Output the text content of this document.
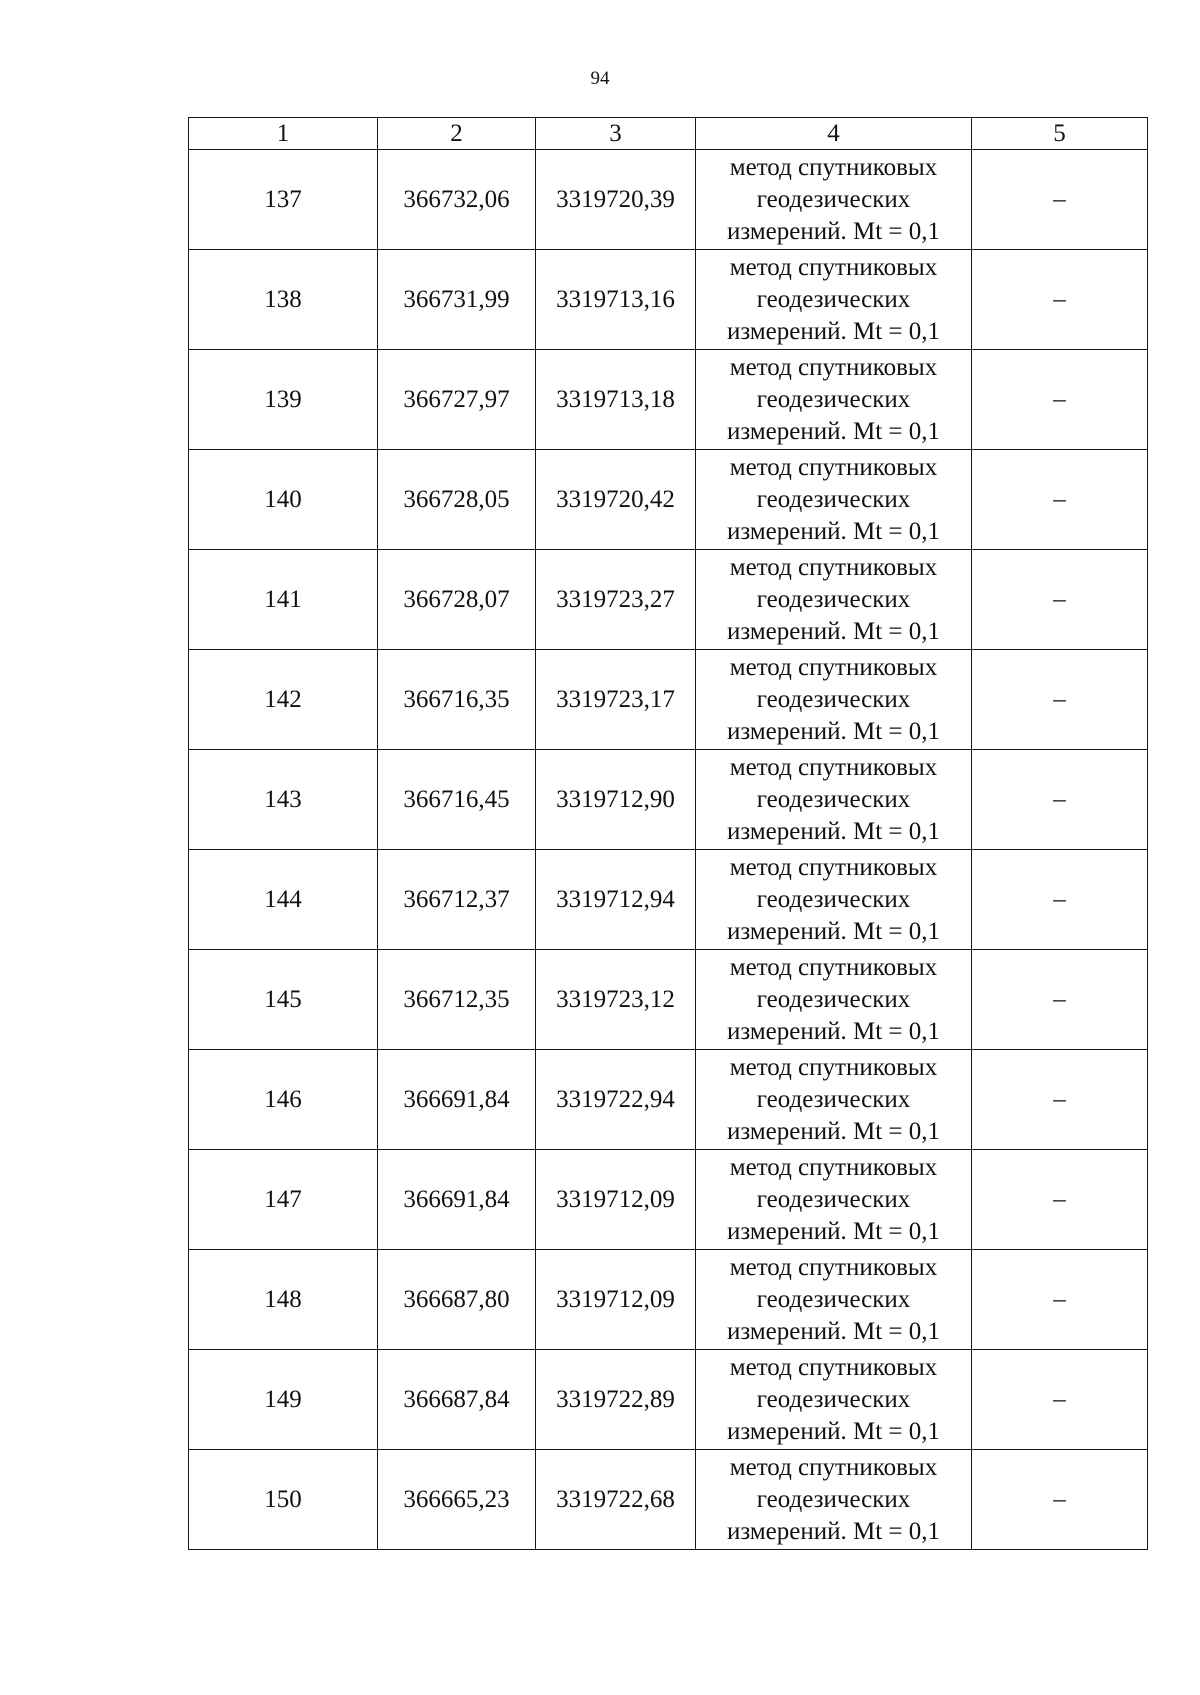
94
1	2	3	4	5
137	366732,06	3319720,39	метод спутниковых
геодезических
измерений. Mt = 0,1	–
138	366731,99	3319713,16	метод спутниковых
геодезических
измерений. Mt = 0,1	–
139	366727,97	3319713,18	метод спутниковых
геодезических
измерений. Mt = 0,1	–
140	366728,05	3319720,42	метод спутниковых
геодезических
измерений. Mt = 0,1	–
141	366728,07	3319723,27	метод спутниковых
геодезических
измерений. Mt = 0,1	–
142	366716,35	3319723,17	метод спутниковых
геодезических
измерений. Mt = 0,1	–
143	366716,45	3319712,90	метод спутниковых
геодезических
измерений. Mt = 0,1	–
144	366712,37	3319712,94	метод спутниковых
геодезических
измерений. Mt = 0,1	–
145	366712,35	3319723,12	метод спутниковых
геодезических
измерений. Mt = 0,1	–
146	366691,84	3319722,94	метод спутниковых
геодезических
измерений. Mt = 0,1	–
147	366691,84	3319712,09	метод спутниковых
геодезических
измерений. Mt = 0,1	–
148	366687,80	3319712,09	метод спутниковых
геодезических
измерений. Mt = 0,1	–
149	366687,84	3319722,89	метод спутниковых
геодезических
измерений. Mt = 0,1	–
150	366665,23	3319722,68	метод спутниковых
геодезических
измерений. Mt = 0,1	–
